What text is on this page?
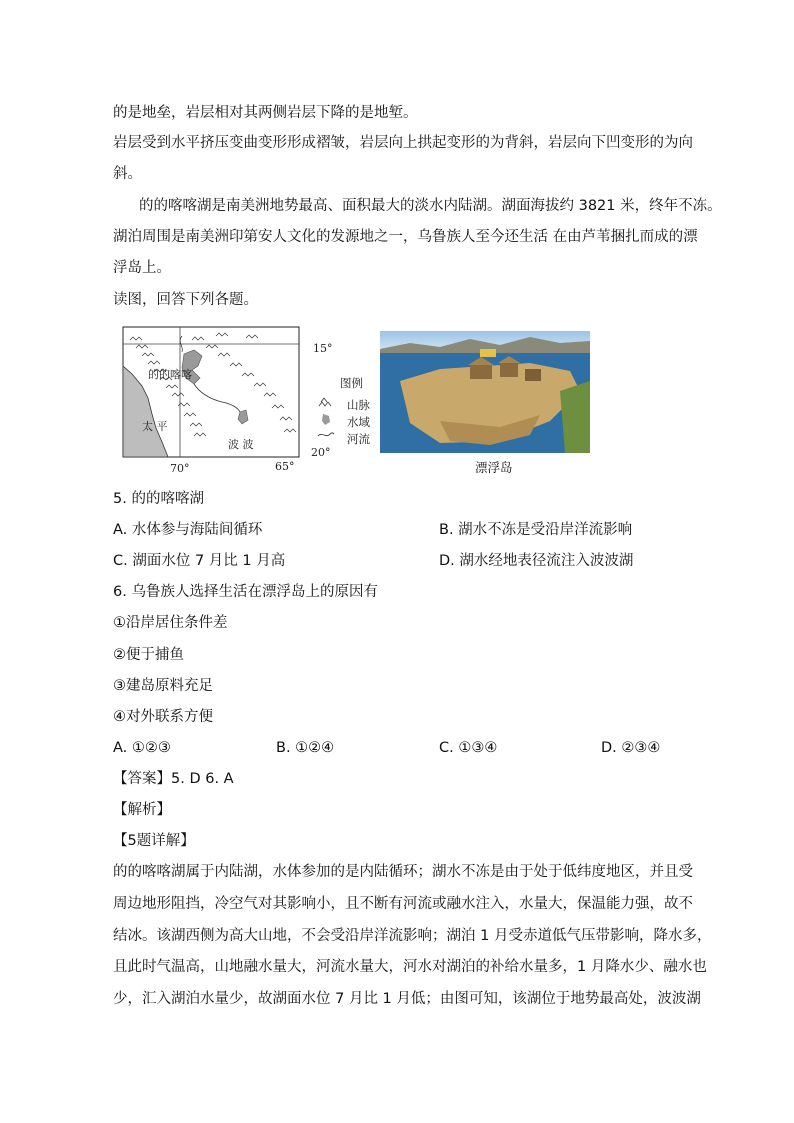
的是地垒，岩层相对其两侧岩层下降的是地堑。
岩层受到水平挤压变曲变形形成褶皱，岩层向上拱起变形的为背斜，岩层向下凹变形的为向
斜。
的的喀喀湖是南美洲地势最高、面积最大的淡水内陆湖。湖面海拔约 3821 米，终年不冻。
湖泊周围是南美洲印第安人文化的发源地之一，乌鲁族人至今还生活 在由芦苇捆扎而成的漂
浮岛上。
读图，回答下列各题。
的的喀喀
太 平
波 波
15°
20°
70°	65°
图例
山脉
水域
河流
漂浮岛
5. 的的喀喀湖
A. 水体参与海陆间循环	B. 湖水不冻是受沿岸洋流影响
C. 湖面水位 7 月比 1 月高	D. 湖水经地表径流注入波波湖
6. 乌鲁族人选择生活在漂浮岛上的原因有
①沿岸居住条件差
②便于捕鱼
③建岛原料充足
④对外联系方便
A. ①②③	B. ①②④	C. ①③④	D. ②③④
【答案】5. D 6. A
【解析】
【5题详解】
的的喀喀湖属于内陆湖，水体参加的是内陆循环；湖水不冻是由于处于低纬度地区，并且受
周边地形阻挡，冷空气对其影响小，且不断有河流或融水注入，水量大，保温能力强，故不
结冰。该湖西侧为高大山地，不会受沿岸洋流影响；湖泊 1 月受赤道低气压带影响，降水多，
且此时气温高，山地融水量大，河流水量大，河水对湖泊的补给水量多，1 月降水少、融水也
少，汇入湖泊水量少，故湖面水位 7 月比 1 月低；由图可知，该湖位于地势最高处，波波湖
